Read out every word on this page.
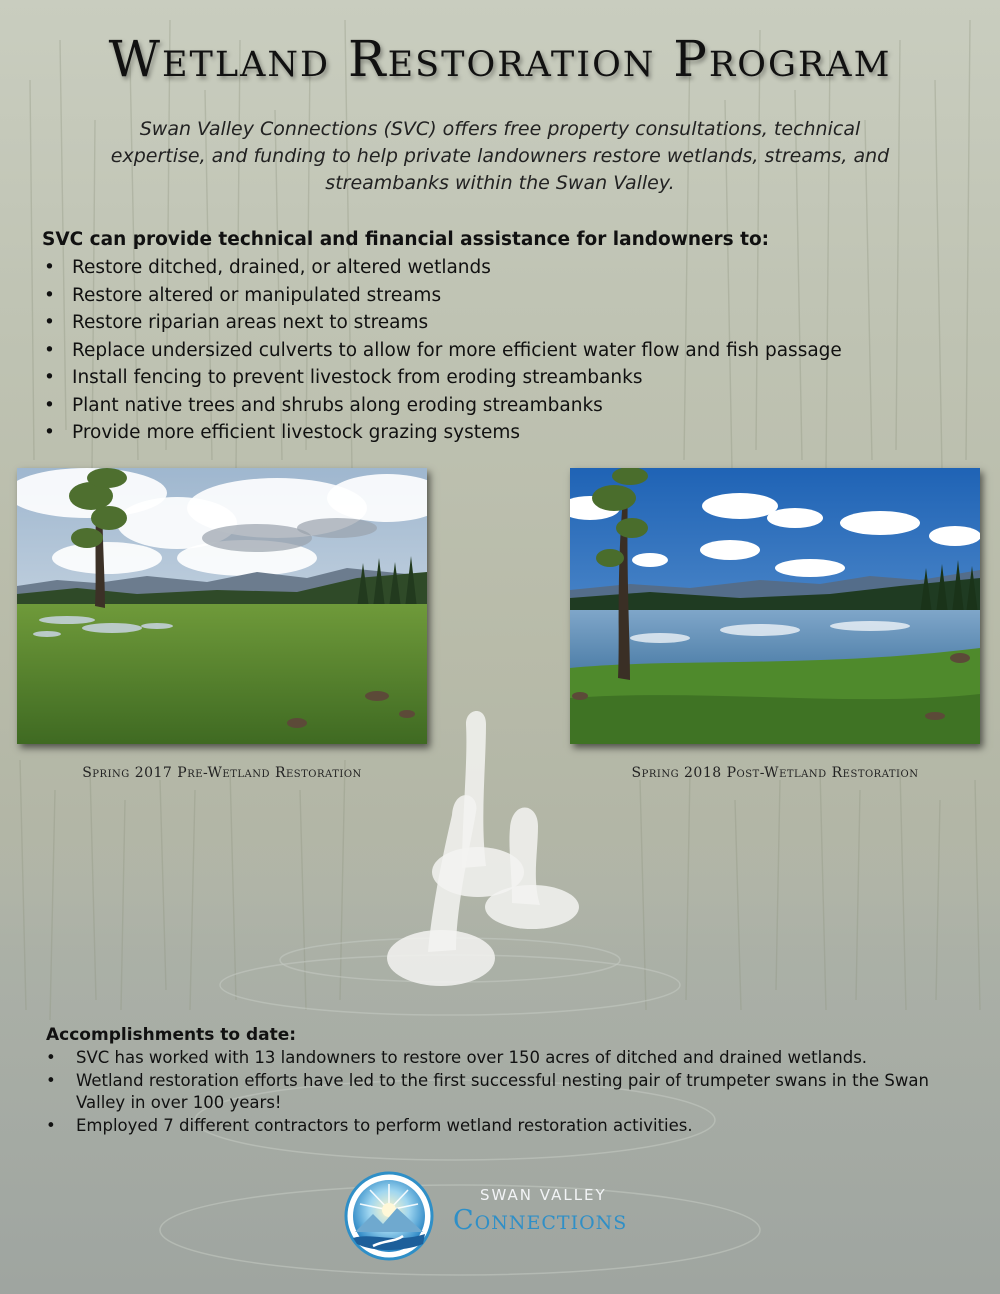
Wetland Restoration Program

Swan Valley Connections (SVC) offers free property consultations, technical expertise, and funding to help private landowners restore wetlands, streams, and streambanks within the Swan Valley.

SVC can provide technical and financial assistance for landowners to:
• Restore ditched, drained, or altered wetlands
• Restore altered or manipulated streams
• Restore riparian areas next to streams
• Replace undersized culverts to allow for more efficient water flow and fish passage
• Install fencing to prevent livestock from eroding streambanks
• Plant native trees and shrubs along eroding streambanks
• Provide more efficient livestock grazing systems

Spring 2017 Pre-Wetland Restoration	Spring 2018 Post-Wetland Restoration

Accomplishments to date:
• SVC has worked with 13 landowners to restore over 150 acres of ditched and drained wetlands.
• Wetland restoration efforts have led to the first successful nesting pair of trumpeter swans in the Swan Valley in over 100 years!
• Employed 7 different contractors to perform wetland restoration activities.

SWAN VALLEY

Connections
